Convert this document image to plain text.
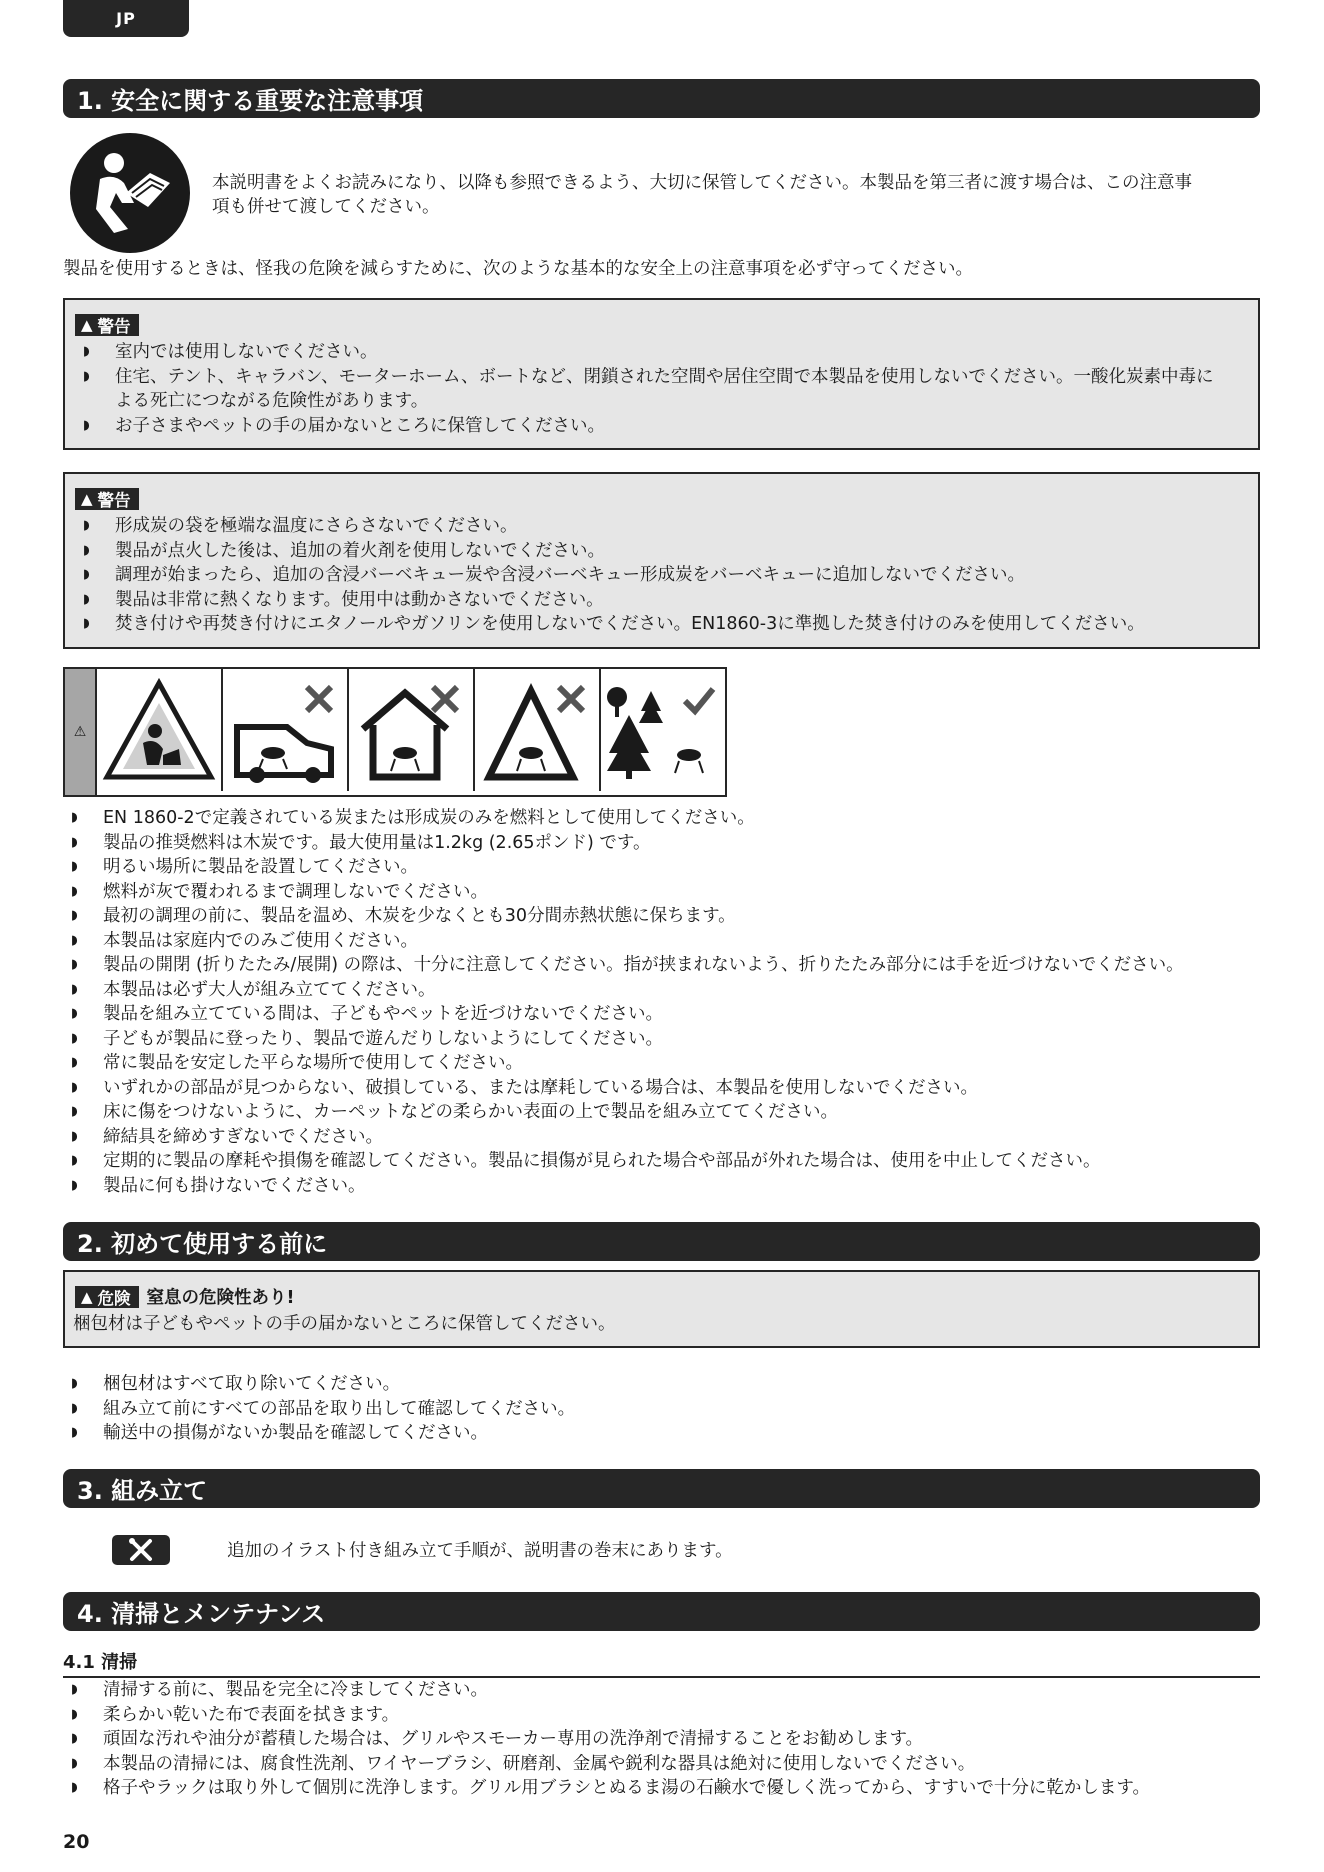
JP
1. 安全に関する重要な注意事項
本説明書をよくお読みになり、以降も参照できるよう、大切に保管してください。本製品を第三者に渡す場合は、この注意事
項も併せて渡してください。
製品を使用するときは、怪我の危険を減らすために、次のような基本的な安全上の注意事項を必ず守ってください。
▲ 警告
◗ 室内では使用しないでください。
◗ 住宅、テント、キャラバン、モーターホーム、ボートなど、閉鎖された空間や居住空間で本製品を使用しないでください。一酸化炭素中毒に
よる死亡につながる危険性があります。
◗ お子さまやペットの手の届かないところに保管してください。
▲ 警告
◗ 形成炭の袋を極端な温度にさらさないでください。
◗ 製品が点火した後は、追加の着火剤を使用しないでください。
◗ 調理が始まったら、追加の含浸バーベキュー炭や含浸バーベキュー形成炭をバーベキューに追加しないでください。
◗ 製品は非常に熱くなります。使用中は動かさないでください。
◗ 焚き付けや再焚き付けにエタノールやガソリンを使用しないでください。EN1860-3に準拠した焚き付けのみを使用してください。
⚠
◗ EN 1860-2で定義されている炭または形成炭のみを燃料として使用してください。
◗ 製品の推奨燃料は木炭です。最大使用量は1.2kg (2.65ポンド) です。
◗ 明るい場所に製品を設置してください。
◗ 燃料が灰で覆われるまで調理しないでください。
◗ 最初の調理の前に、製品を温め、木炭を少なくとも30分間赤熱状態に保ちます。
◗ 本製品は家庭内でのみご使用ください。
◗ 製品の開閉 (折りたたみ/展開) の際は、十分に注意してください。指が挟まれないよう、折りたたみ部分には手を近づけないでください。
◗ 本製品は必ず大人が組み立ててください。
◗ 製品を組み立てている間は、子どもやペットを近づけないでください。
◗ 子どもが製品に登ったり、製品で遊んだりしないようにしてください。
◗ 常に製品を安定した平らな場所で使用してください。
◗ いずれかの部品が見つからない、破損している、または摩耗している場合は、本製品を使用しないでください。
◗ 床に傷をつけないように、カーペットなどの柔らかい表面の上で製品を組み立ててください。
◗ 締結具を締めすぎないでください。
◗ 定期的に製品の摩耗や損傷を確認してください。製品に損傷が見られた場合や部品が外れた場合は、使用を中止してください。
◗ 製品に何も掛けないでください。
2. 初めて使用する前に
▲ 危険 窒息の危険性あり!
梱包材は子どもやペットの手の届かないところに保管してください。
◗ 梱包材はすべて取り除いてください。
◗ 組み立て前にすべての部品を取り出して確認してください。
◗ 輸送中の損傷がないか製品を確認してください。
3. 組み立て
追加のイラスト付き組み立て手順が、説明書の巻末にあります。
4. 清掃とメンテナンス
4.1 清掃
◗ 清掃する前に、製品を完全に冷ましてください。
◗ 柔らかい乾いた布で表面を拭きます。
◗ 頑固な汚れや油分が蓄積した場合は、グリルやスモーカー専用の洗浄剤で清掃することをお勧めします。
◗ 本製品の清掃には、腐食性洗剤、ワイヤーブラシ、研磨剤、金属や鋭利な器具は絶対に使用しないでください。
◗ 格子やラックは取り外して個別に洗浄します。グリル用ブラシとぬるま湯の石鹸水で優しく洗ってから、すすいで十分に乾かします。
20
